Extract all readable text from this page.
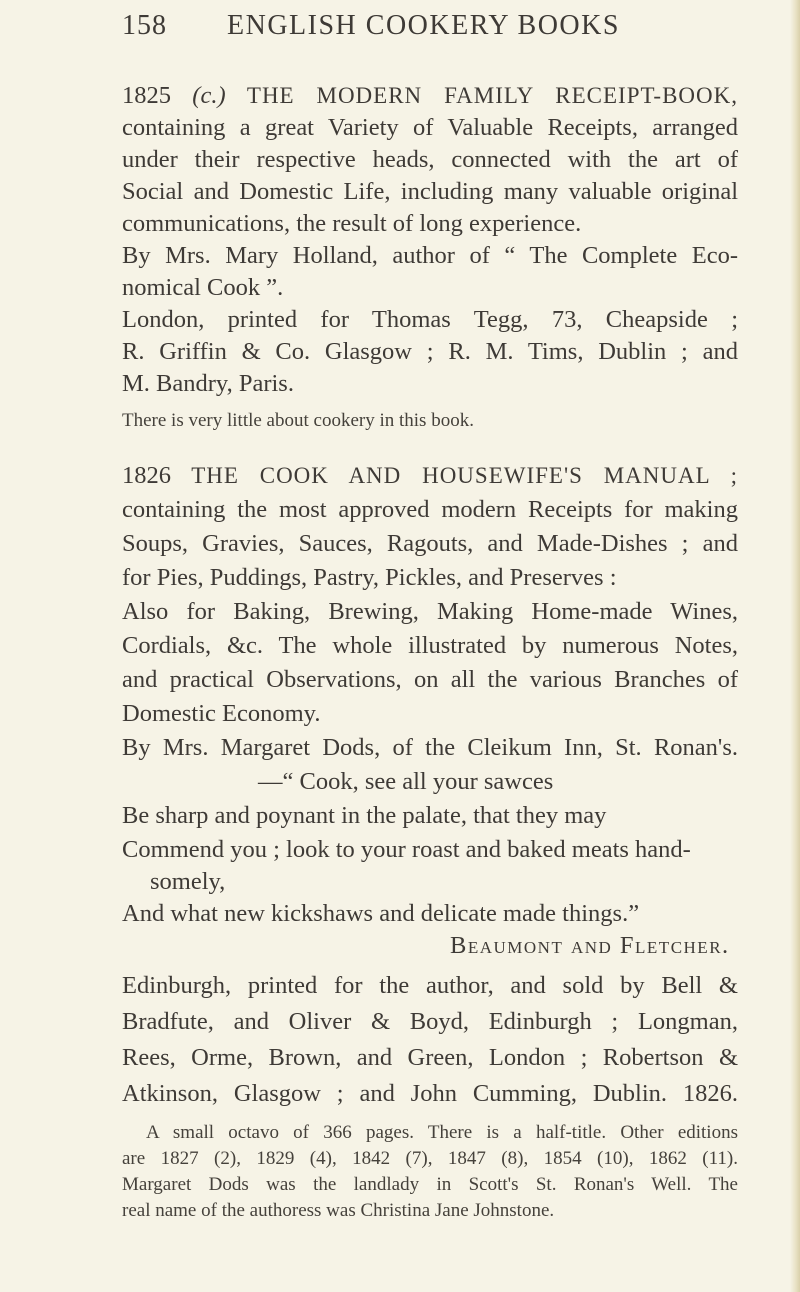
158 ENGLISH COOKERY BOOKS
1825 (c.) THE MODERN FAMILY RECEIPT-BOOK,
containing a great Variety of Valuable Receipts, arranged
under their respective heads, connected with the art of
Social and Domestic Life, including many valuable original
communications, the result of long experience.
By Mrs. Mary Holland, author of “ The Complete Eco-
nomical Cook ”.
London, printed for Thomas Tegg, 73, Cheapside ;
R. Griffin & Co. Glasgow ; R. M. Tims, Dublin ; and
M. Bandry, Paris.
There is very little about cookery in this book.
1826 THE COOK AND HOUSEWIFE'S MANUAL ;
containing the most approved modern Receipts for making
Soups, Gravies, Sauces, Ragouts, and Made-Dishes ; and
for Pies, Puddings, Pastry, Pickles, and Preserves :
Also for Baking, Brewing, Making Home-made Wines,
Cordials, &c. The whole illustrated by numerous Notes,
and practical Observations, on all the various Branches of
Domestic Economy.
By Mrs. Margaret Dods, of the Cleikum Inn, St. Ronan's.
—“ Cook, see all your sawces
Be sharp and poynant in the palate, that they may
Commend you ; look to your roast and baked meats hand-
somely,
And what new kickshaws and delicate made things.”
Beaumont and Fletcher.
Edinburgh, printed for the author, and sold by Bell &
Bradfute, and Oliver & Boyd, Edinburgh ; Longman,
Rees, Orme, Brown, and Green, London ; Robertson &
Atkinson, Glasgow ; and John Cumming, Dublin. 1826.
A small octavo of 366 pages. There is a half-title. Other editions
are 1827 (2), 1829 (4), 1842 (7), 1847 (8), 1854 (10), 1862 (11).
Margaret Dods was the landlady in Scott's St. Ronan's Well. The
real name of the authoress was Christina Jane Johnstone.
